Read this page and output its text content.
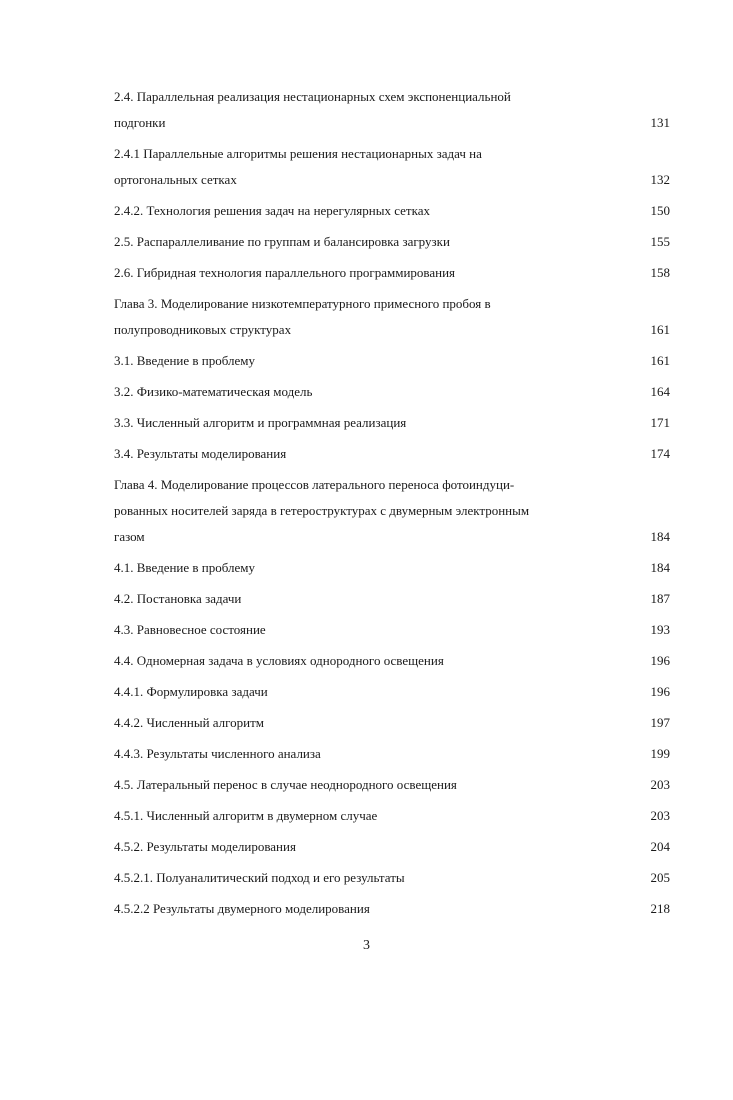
2.4. Параллельная реализация нестационарных схем экспоненциальной
подгонки	131
2.4.1 Параллельные алгоритмы решения нестационарных задач на
ортогональных сетках	132
2.4.2. Технология решения задач на нерегулярных сетках	150
2.5. Распараллеливание по группам и балансировка загрузки	155
2.6. Гибридная технология параллельного программирования	158
Глава 3. Моделирование низкотемпературного примесного пробоя в
полупроводниковых структурах	161
3.1. Введение в проблему	161
3.2. Физико-математическая модель	164
3.3. Численный алгоритм и программная реализация	171
3.4. Результаты моделирования	174
Глава 4. Моделирование процессов латерального переноса фотоиндуци-
рованных носителей заряда в гетероструктурах с двумерным электронным
газом	184
4.1. Введение в проблему	184
4.2. Постановка задачи	187
4.3. Равновесное состояние	193
4.4. Одномерная задача в условиях однородного освещения	196
4.4.1. Формулировка задачи	196
4.4.2. Численный алгоритм	197
4.4.3. Результаты численного анализа	199
4.5. Латеральный перенос в случае неоднородного освещения	203
4.5.1. Численный алгоритм в двумерном случае	203
4.5.2. Результаты моделирования	204
4.5.2.1. Полуаналитический подход и его результаты	205
4.5.2.2 Результаты двумерного моделирования	218
3
